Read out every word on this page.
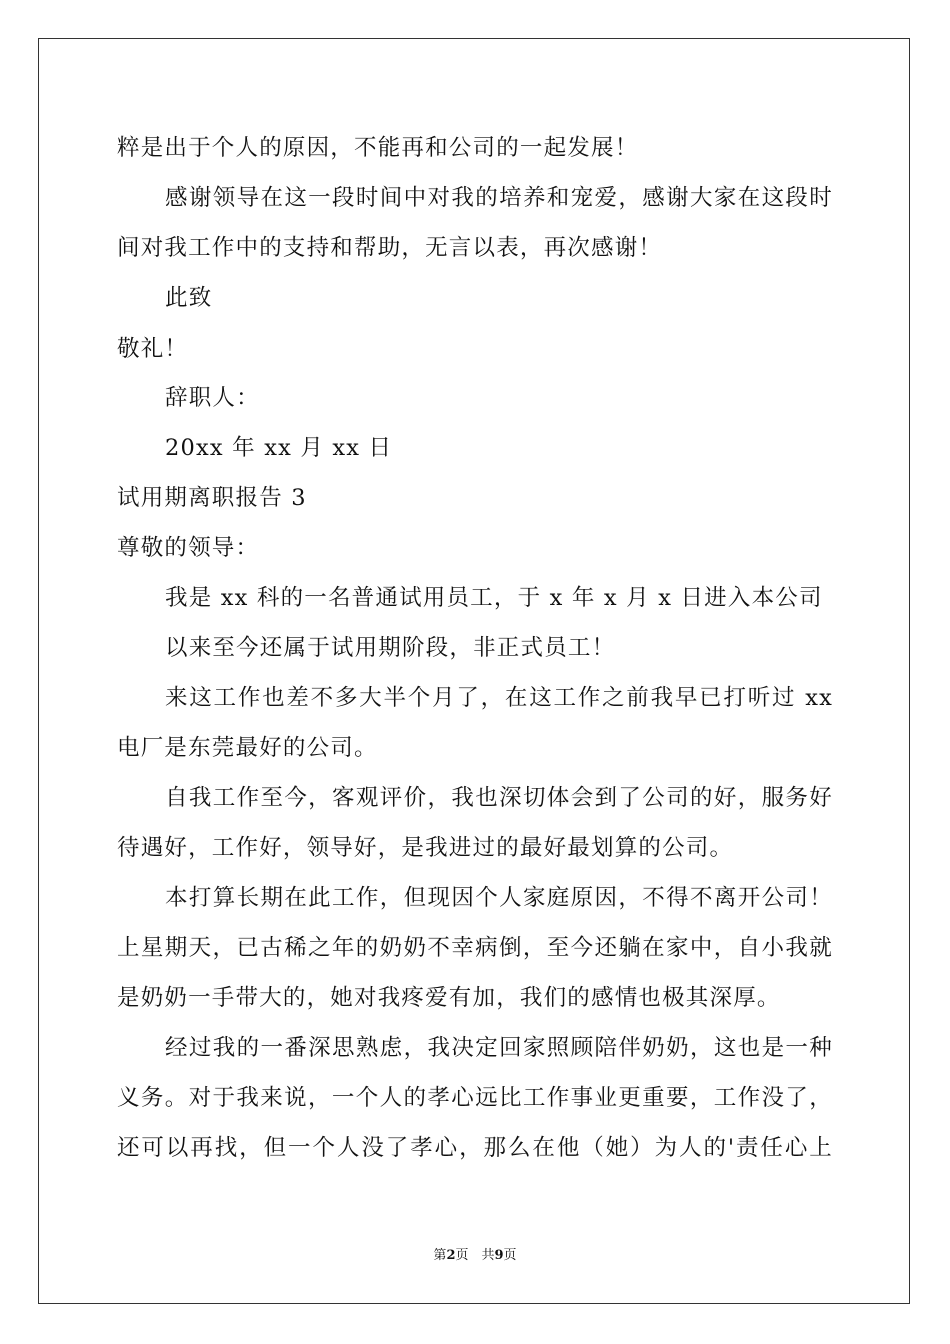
粹是出于个人的原因，不能再和公司的一起发展！
感谢领导在这一段时间中对我的培养和宠爱，感谢大家在这段时
间对我工作中的支持和帮助，无言以表，再次感谢！
此致
敬礼！
辞职人：
20xx 年 xx 月 xx 日
试用期离职报告 3
尊敬的领导：
我是 xx 科的一名普通试用员工，于 x 年 x 月 x 日进入本公司
以来至今还属于试用期阶段，非正式员工！
来这工作也差不多大半个月了，在这工作之前我早已打听过 xx
电厂是东莞最好的公司。
自我工作至今，客观评价，我也深切体会到了公司的好，服务好
待遇好，工作好，领导好，是我进过的最好最划算的公司。
本打算长期在此工作，但现因个人家庭原因，不得不离开公司！
上星期天，已古稀之年的奶奶不幸病倒，至今还躺在家中，自小我就
是奶奶一手带大的，她对我疼爱有加，我们的感情也极其深厚。
经过我的一番深思熟虑，我决定回家照顾陪伴奶奶，这也是一种
义务。对于我来说，一个人的孝心远比工作事业更重要，工作没了，
还可以再找，但一个人没了孝心，那么在他（她）为人的'责任心上
第2页　共9页
